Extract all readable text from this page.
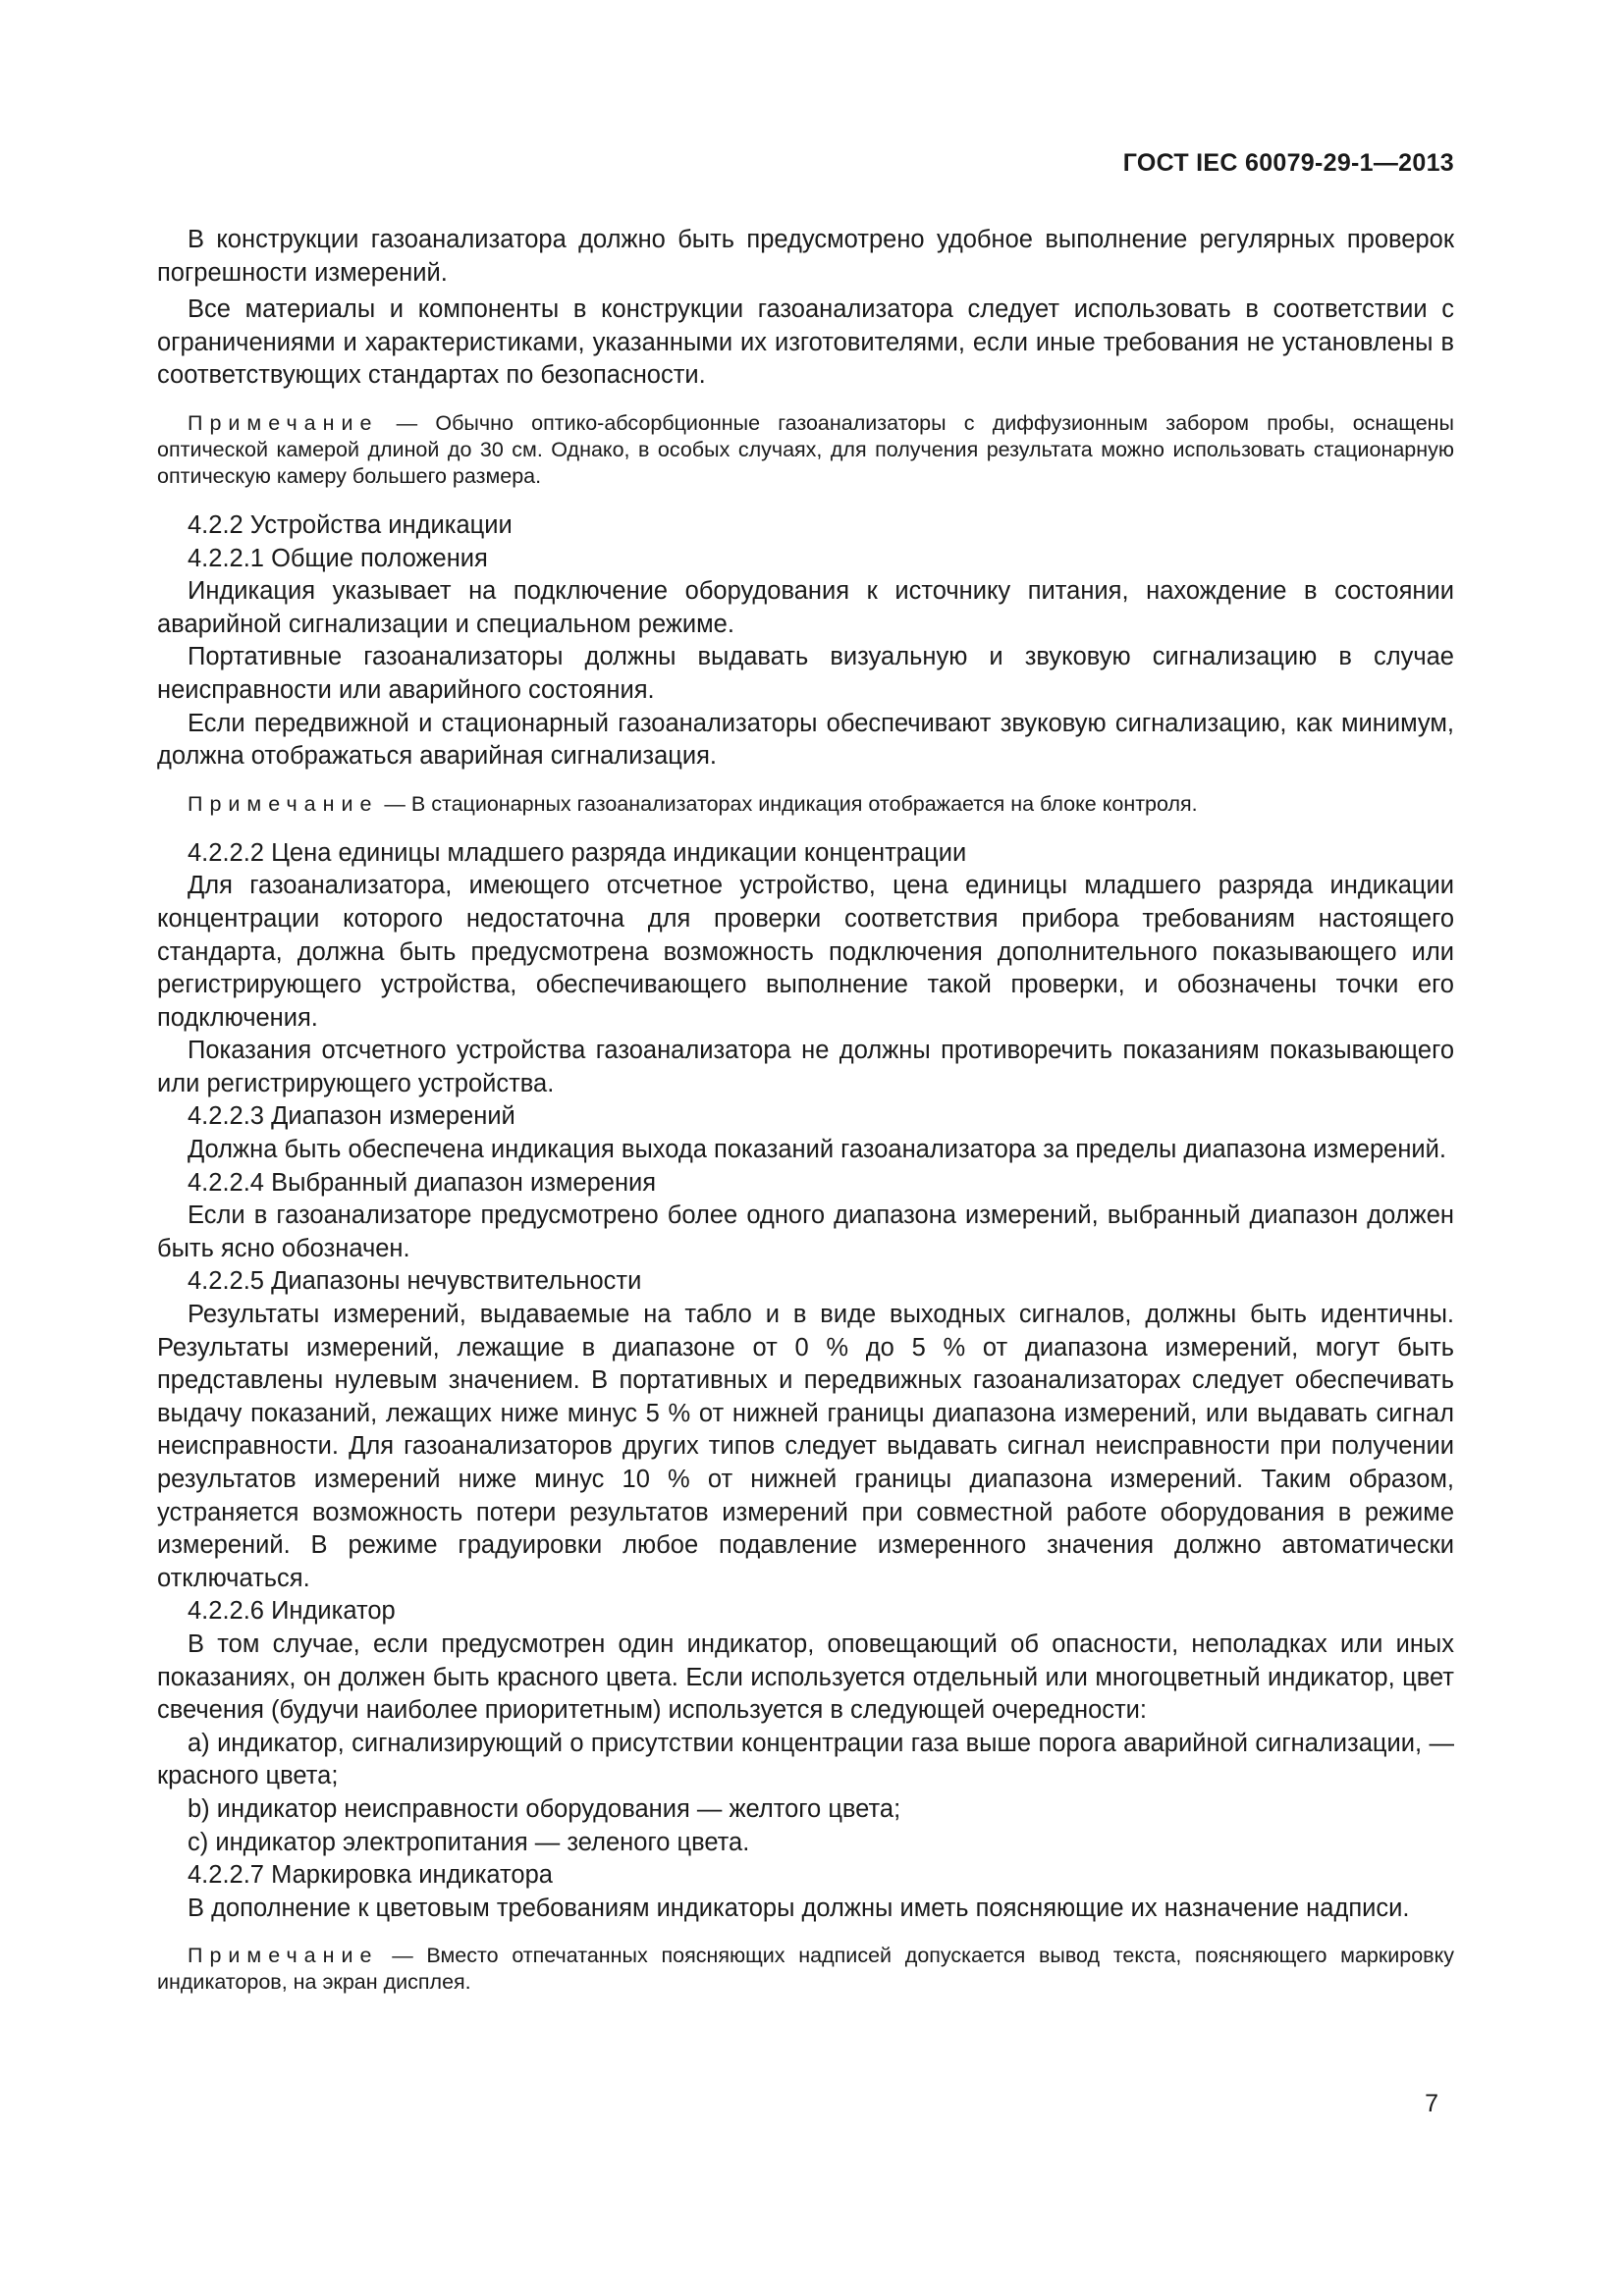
ГОСТ IEC 60079-29-1—2013

В конструкции газоанализатора должно быть предусмотрено удобное выполнение регулярных проверок погрешности измерений.

Все материалы и компоненты в конструкции газоанализатора следует использовать в соответствии с ограничениями и характеристиками, указанными их изготовителями, если иные требования не установлены в соответствующих стандартах по безопасности.

Примечание — Обычно оптико-абсорбционные газоанализаторы с диффузионным забором пробы, оснащены оптической камерой длиной до 30 см. Однако, в особых случаях, для получения результата можно использовать стационарную оптическую камеру большего размера.

4.2.2 Устройства индикации

4.2.2.1 Общие положения

Индикация указывает на подключение оборудования к источнику питания, нахождение в состоянии аварийной сигнализации и специальном режиме.

Портативные газоанализаторы должны выдавать визуальную и звуковую сигнализацию в случае неисправности или аварийного состояния.

Если передвижной и стационарный газоанализаторы обеспечивают звуковую сигнализацию, как минимум, должна отображаться аварийная сигнализация.

Примечание — В стационарных газоанализаторах индикация отображается на блоке контроля.

4.2.2.2 Цена единицы младшего разряда индикации концентрации

Для газоанализатора, имеющего отсчетное устройство, цена единицы младшего разряда индикации концентрации которого недостаточна для проверки соответствия прибора требованиям настоящего стандарта, должна быть предусмотрена возможность подключения дополнительного показывающего или регистрирующего устройства, обеспечивающего выполнение такой проверки, и обозначены точки его подключения.

Показания отсчетного устройства газоанализатора не должны противоречить показаниям показывающего или регистрирующего устройства.

4.2.2.3 Диапазон измерений

Должна быть обеспечена индикация выхода показаний газоанализатора за пределы диапазона измерений.

4.2.2.4 Выбранный диапазон измерения

Если в газоанализаторе предусмотрено более одного диапазона измерений, выбранный диапазон должен быть ясно обозначен.

4.2.2.5 Диапазоны нечувствительности

Результаты измерений, выдаваемые на табло и в виде выходных сигналов, должны быть идентичны. Результаты измерений, лежащие в диапазоне от 0 % до 5 % от диапазона измерений, могут быть представлены нулевым значением. В портативных и передвижных газоанализаторах следует обеспечивать выдачу показаний, лежащих ниже минус 5 % от нижней границы диапазона измерений, или выдавать сигнал неисправности. Для газоанализаторов других типов следует выдавать сигнал неисправности при получении результатов измерений ниже минус 10 % от нижней границы диапазона измерений. Таким образом, устраняется возможность потери результатов измерений при совместной работе оборудования в режиме измерений. В режиме градуировки любое подавление измеренного значения должно автоматически отключаться.

4.2.2.6 Индикатор

В том случае, если предусмотрен один индикатор, оповещающий об опасности, неполадках или иных показаниях, он должен быть красного цвета. Если используется отдельный или многоцветный индикатор, цвет свечения (будучи наиболее приоритетным) используется в следующей очередности:

a) индикатор, сигнализирующий о присутствии концентрации газа выше порога аварийной сигнализации, — красного цвета;

b) индикатор неисправности оборудования — желтого цвета;

c) индикатор электропитания — зеленого цвета.

4.2.2.7 Маркировка индикатора

В дополнение к цветовым требованиям индикаторы должны иметь поясняющие их назначение надписи.

Примечание — Вместо отпечатанных поясняющих надписей допускается вывод текста, поясняющего маркировку индикаторов, на экран дисплея.

7
